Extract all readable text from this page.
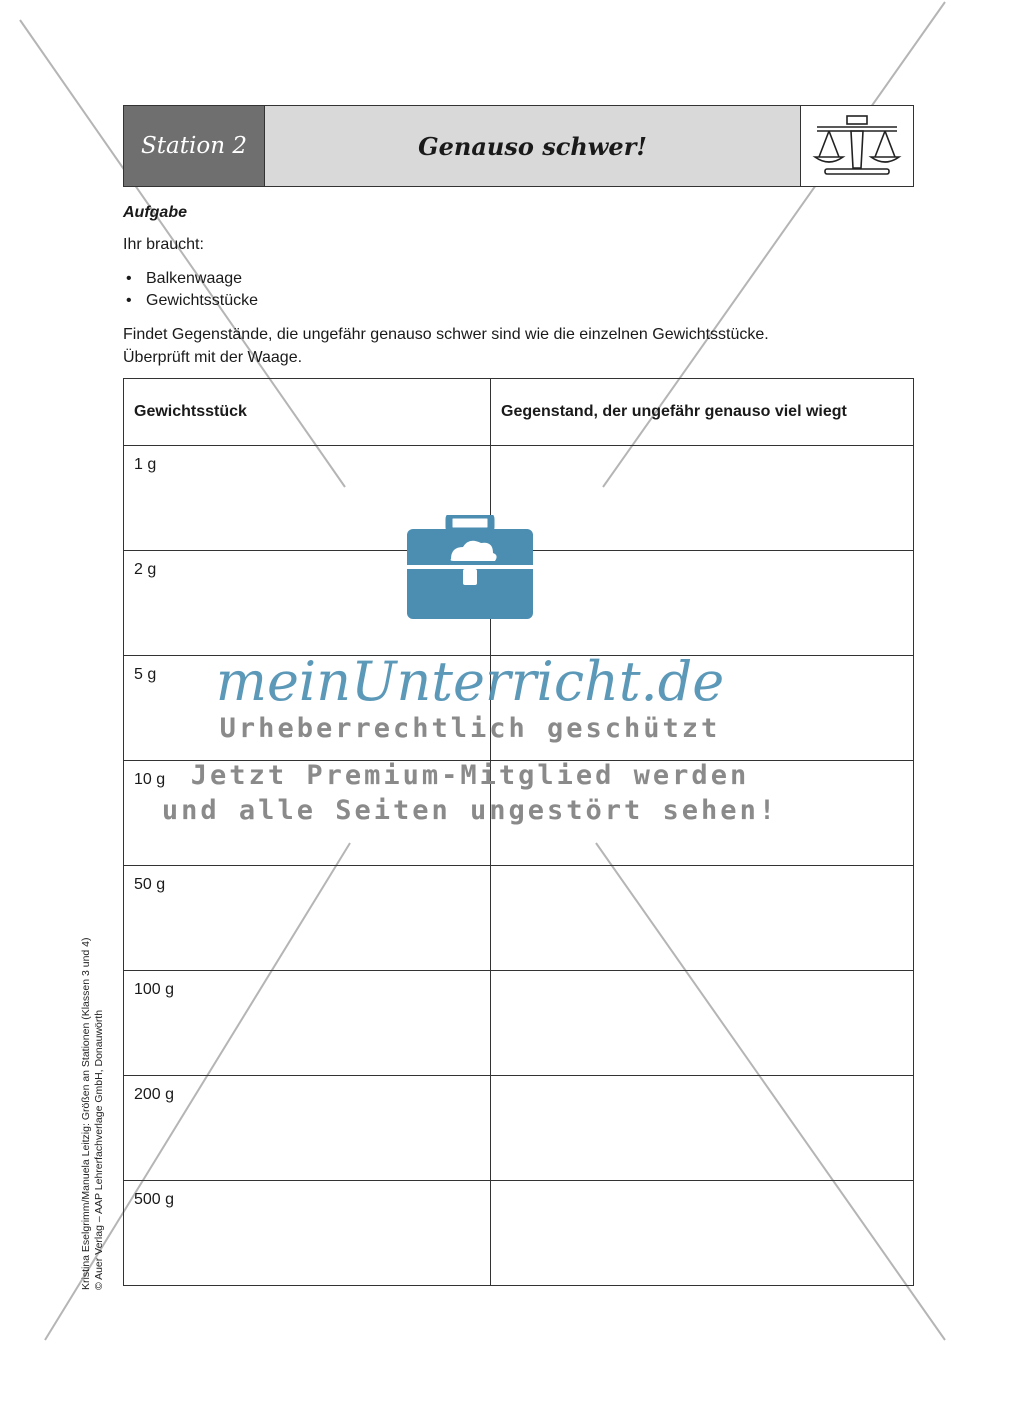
Station 2	Genauso schwer!
Aufgabe
Ihr braucht:
• Balkenwaage
• Gewichtsstücke
Findet Gegenstände, die ungefähr genauso schwer sind wie die einzelnen Gewichtsstücke.
Überprüft mit der Waage.
Gewichtsstück	Gegenstand, der ungefähr genauso viel wiegt
1 g	
2 g	
5 g	
10 g	
50 g	
100 g	
200 g	
500 g	
meinUnterricht.de
Urheberrechtlich geschützt
Jetzt Premium-Mitglied werden
und alle Seiten ungestört sehen!
Kristina Eselgrimm/Manuela Leitzig: Größen an Stationen (Klassen 3 und 4) © Auer Verlag – AAP Lehrerfachverlage GmbH, Donauwörth
